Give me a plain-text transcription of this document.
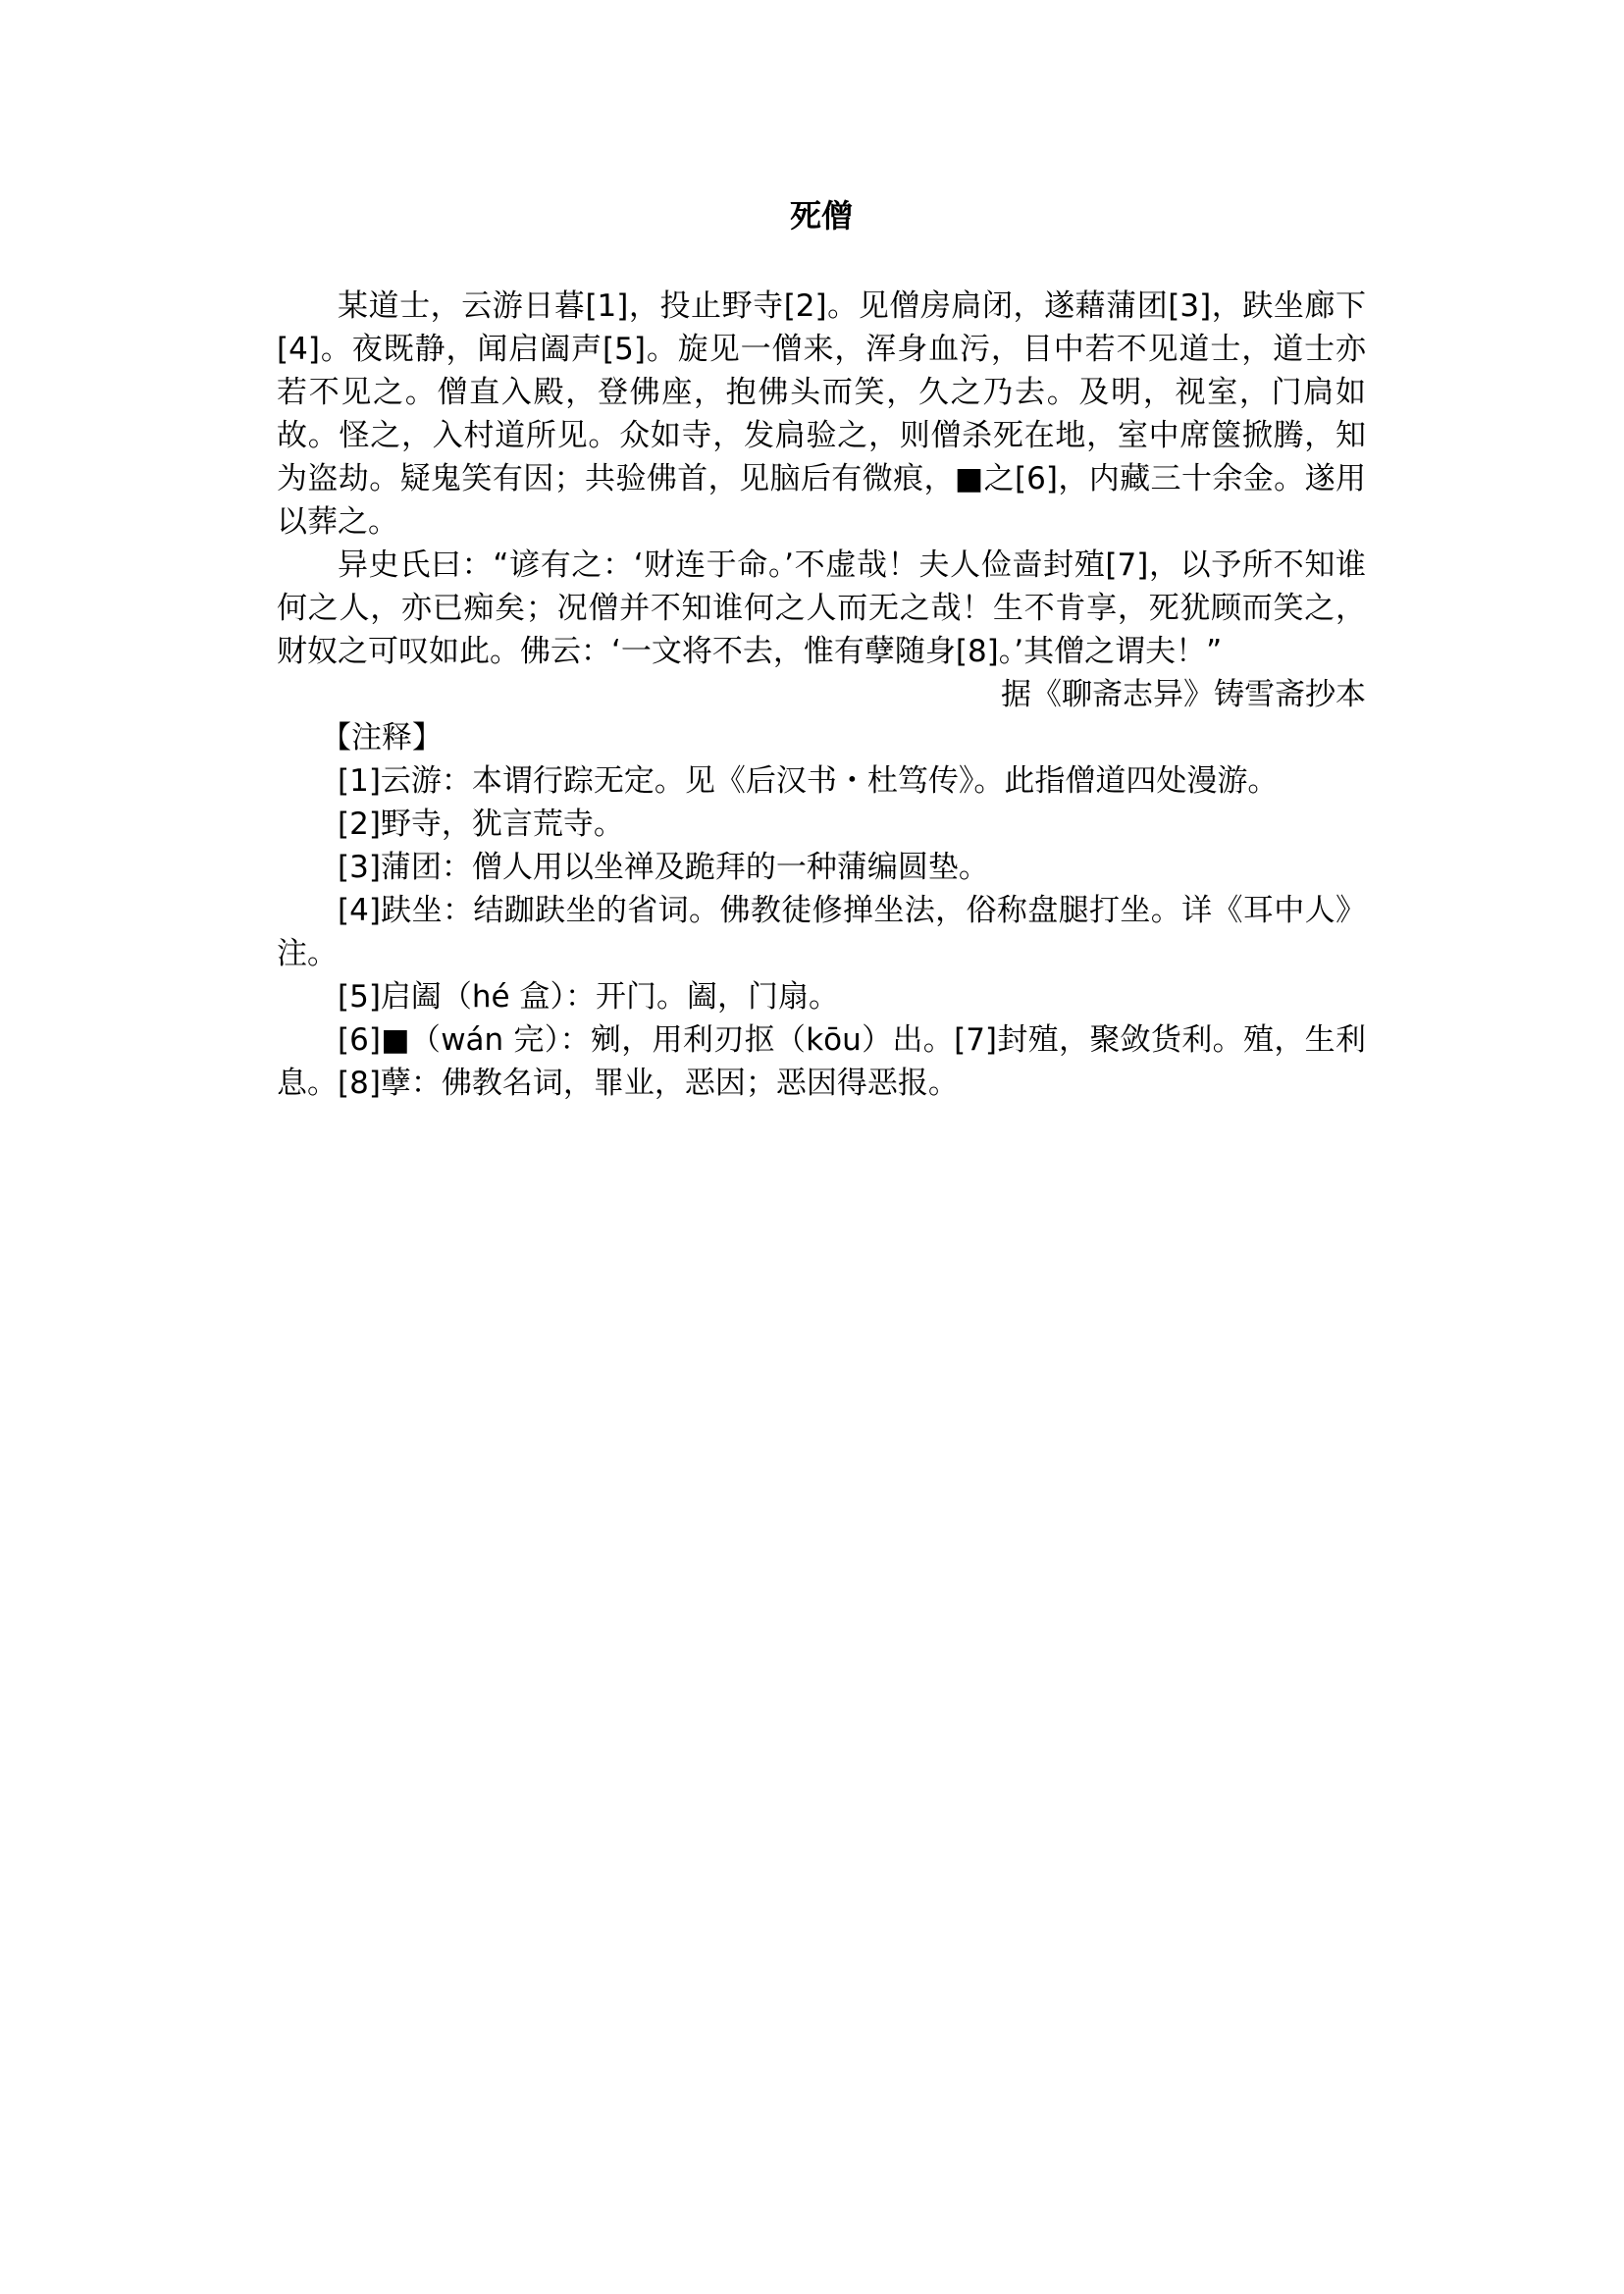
死僧

某道士，云游日暮[1]，投止野寺[2]。见僧房扃闭，遂藉蒲团[3]，趺坐廊下[4]。夜既静，闻启阖声[5]。旋见一僧来，浑身血污，目中若不见道士，道士亦若不见之。僧直入殿，登佛座，抱佛头而笑，久之乃去。及明，视室，门扃如故。怪之，入村道所见。众如寺，发扃验之，则僧杀死在地，室中席箧掀腾，知为盗劫。疑鬼笑有因；共验佛首，见脑后有微痕，■之[6]，内藏三十余金。遂用以葬之。

异史氏曰：“谚有之：‘财连于命。’不虚哉！夫人俭啬封殖[7]，以予所不知谁何之人，亦已痴矣；况僧并不知谁何之人而无之哉！生不肯享，死犹顾而笑之，财奴之可叹如此。佛云：‘一文将不去，惟有孽随身[8]。’其僧之谓夫！”

据《聊斋志异》铸雪斋抄本

【注释】

[1]云游：本谓行踪无定。见《后汉书・杜笃传》。此指僧道四处漫游。

[2]野寺，犹言荒寺。

[3]蒲团：僧人用以坐禅及跪拜的一种蒲编圆垫。

[4]趺坐：结跏趺坐的省词。佛教徒修掸坐法，俗称盘腿打坐。详《耳中人》注。

[5]启阖（hé 盒）：开门。阖，门扇。

[6]■（wán 完）：剜，用利刃抠（kōu）出。[7]封殖，聚敛货利。殖，生利息。[8]孽：佛教名词，罪业，恶因；恶因得恶报。
